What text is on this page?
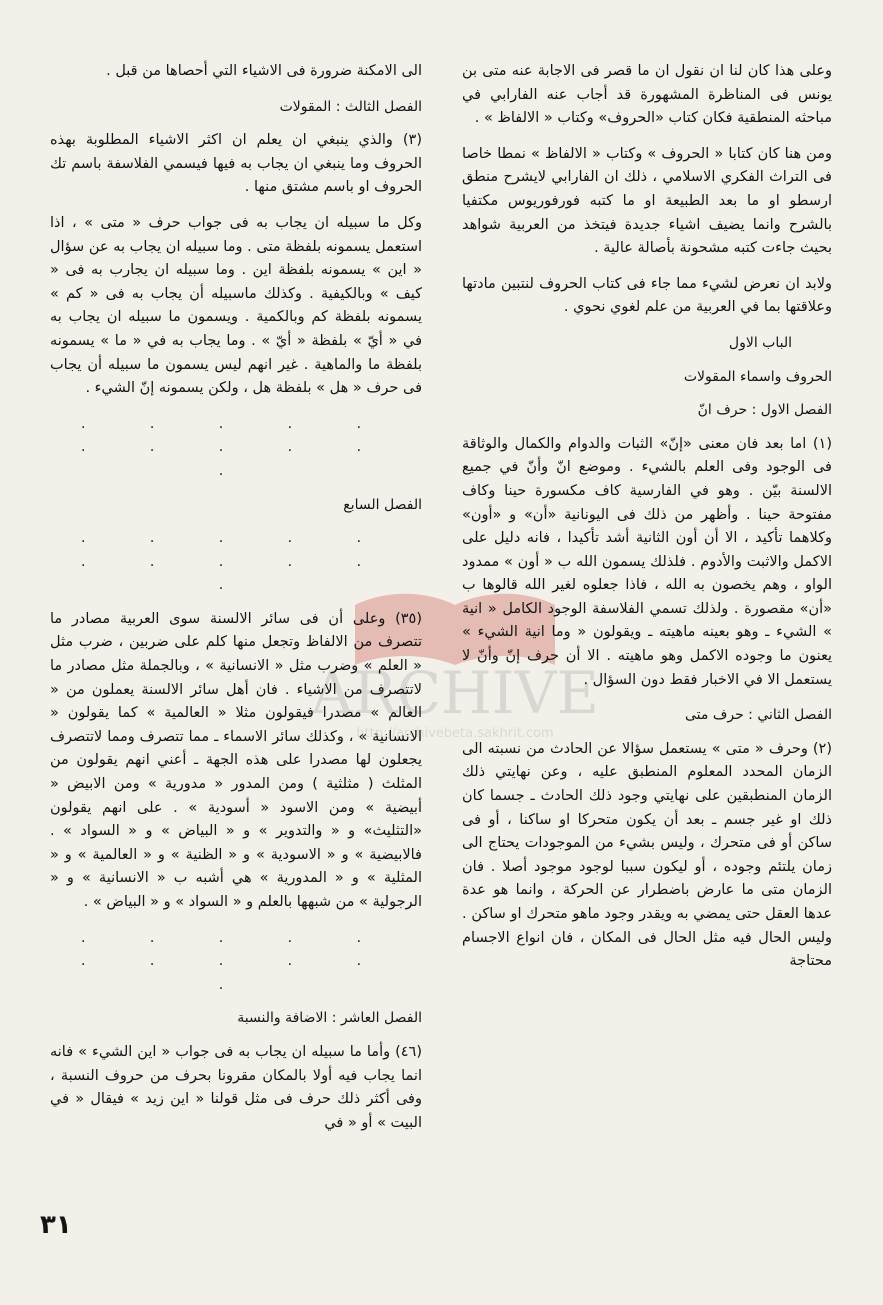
ARCHIVE
http://archivebeta.sakhrit.com

وعلى هذا كان لنا ان نقول ان ما قصر فى الاجابة عنه متى بن يونس فى المناظرة المشهورة قد أجاب عنه الفارابي في مباحثه المنطقية فكان كتاب «الحروف» وكتاب « الالفاظ » .

ومن هنا كان كتابا « الحروف » وكتاب « الالفاظ » نمطا خاصا فى التراث الفكري الاسلامي ، ذلك ان الفارابي لايشرح منطق ارسطو او ما بعد الطبيعة او ما كتبه فورفوريوس مكتفيا بالشرح وانما يضيف اشياء جديدة فيتخذ من العربية شواهد بحيث جاءت كتبه مشحونة بأصالة عالية .

ولابد ان نعرض لشيء مما جاء فى كتاب الحروف لنتبين مادتها وعلاقتها بما في العربية من علم لغوي نحوي .

الباب الاول
الحروف واسماء المقولات
الفصل الاول : حرف انّ

(١) اما بعد فان معنى «إنّ» الثبات والدوام والكمال والوثاقة فى الوجود وفى العلم بالشيء . وموضع انّ وأنّ في جميع الالسنة بيّن . وهو في الفارسية كاف مكسورة حينا وكاف مفتوحة حينا . وأظهر من ذلك فى اليونانية «أن» و «أون» وكلاهما تأكيد ، الا أن أون الثانية أشد تأكيدا ، فانه دليل على الاكمل والاثبت والأدوم . فلذلك يسمون الله ب « أون » ممدود الواو ، وهم يخصون به الله ، فاذا جعلوه لغير الله قالوها ب «أن» مقصورة . ولذلك تسمي الفلاسفة الوجود الكامل « انية » الشيء ـ وهو بعينه ماهيته ـ ويقولون « وما انية الشيء » يعنون ما وجوده الاكمل وهو ماهيته . الا أن حرف إنّ وأنّ لا يستعمل الا في الاخبار فقط دون السؤال .

الفصل الثاني : حرف متى

(٢) وحرف « متى » يستعمل سؤالا عن الحادث من نسبته الى الزمان المحدد المعلوم المنطبق عليه ، وعن نهايتي ذلك الزمان المنطبقين على نهايتي وجود ذلك الحادث ـ جسما كان ذلك او غير جسم ـ بعد أن يكون متحركا او ساكنا ، أو فى ساكن أو فى متحرك ، وليس بشيء من الموجودات يحتاج الى زمان يلتئم وجوده ، أو ليكون سببا لوجود موجود أصلا . فان الزمان متى ما عارض باضطرار عن الحركة ، وانما هو عدة عدها العقل حتى يمضي به ويقدر وجود ماهو متحرك او ساكن . وليس الحال فيه مثل الحال فى المكان ، فان انواع الاجسام محتاجة

الى الامكنة ضرورة فى الاشياء التي أحصاها من قبل .

الفصل الثالث : المقولات

(٣) والذي ينبغي ان يعلم ان اكثر الاشياء المطلوبة بهذه الحروف وما ينبغي ان يجاب به فيها فيسمي الفلاسفة باسم تك الحروف او باسم مشتق منها .

وكل ما سبيله ان يجاب به فى جواب حرف « متى » ، اذا استعمل يسمونه بلفظة متى . وما سبيله ان يجاب به عن سؤال « اين » يسمونه بلفظة اين . وما سبيله ان يجارب به فى « كيف » وبالكيفية . وكذلك ماسبيله أن يجاب به فى « كم » يسمونه بلفظة كم وبالكمية . ويسمون ما سبيله ان يجاب به في « أيّ » بلفظة « أيّ » . وما يجاب به في « ما » يسمونه بلفظة ما والماهية . غير انهم ليس يسمون ما سبيله أن يجاب فى حرف « هل » بلفظة هل ، ولكن يسمونه إنّ الشيء .

. . . . . . . . . . .
الفصل السابع
. . . . . . . . . . .

(٣٥) وعلى أن فى سائر الالسنة سوى العربية مصادر ما تتصرف من الالفاظ وتجعل منها كلم على ضربين ، ضرب مثل « العلم » وضرب مثل « الانسانية » ، وبالجملة مثل مصادر ما لاتتصرف من الاشياء . فان أهل سائر الالسنة يعملون من « العالم » مصدرا فيقولون مثلا « العالمية » كما يقولون « الانسانية » ، وكذلك سائر الاسماء ـ مما تتصرف ومما لاتتصرف يجعلون لها مصدرا على هذه الجهة ـ أعني انهم يقولون من المثلث ( مثلثية ) ومن المدور « مدورية » ومن الابيض « أبيضية » ومن الاسود « أسودية » . على انهم يقولون «التثليث» و « والتدوير » و « البياض » و « السواد » . فالابيضية » و « الاسودية » و « الظنية » و « العالمية » و « المثلية » و « المدورية » هي أشبه ب « الانسانية » و « الرجولية » من شبهها بالعلم و « السواد » و « البياض » .

. . . . . . . . . . .
الفصل العاشر : الاضافة والنسبة

(٤٦) وأما ما سبيله ان يجاب به فى جواب « اين الشيء » فانه انما يجاب فيه أولا بالمكان مقرونا بحرف من حروف النسبة ، وفى أكثر ذلك حرف فى مثل قولنا « اين زيد » فيقال « في البيت » أو « في

٣١
